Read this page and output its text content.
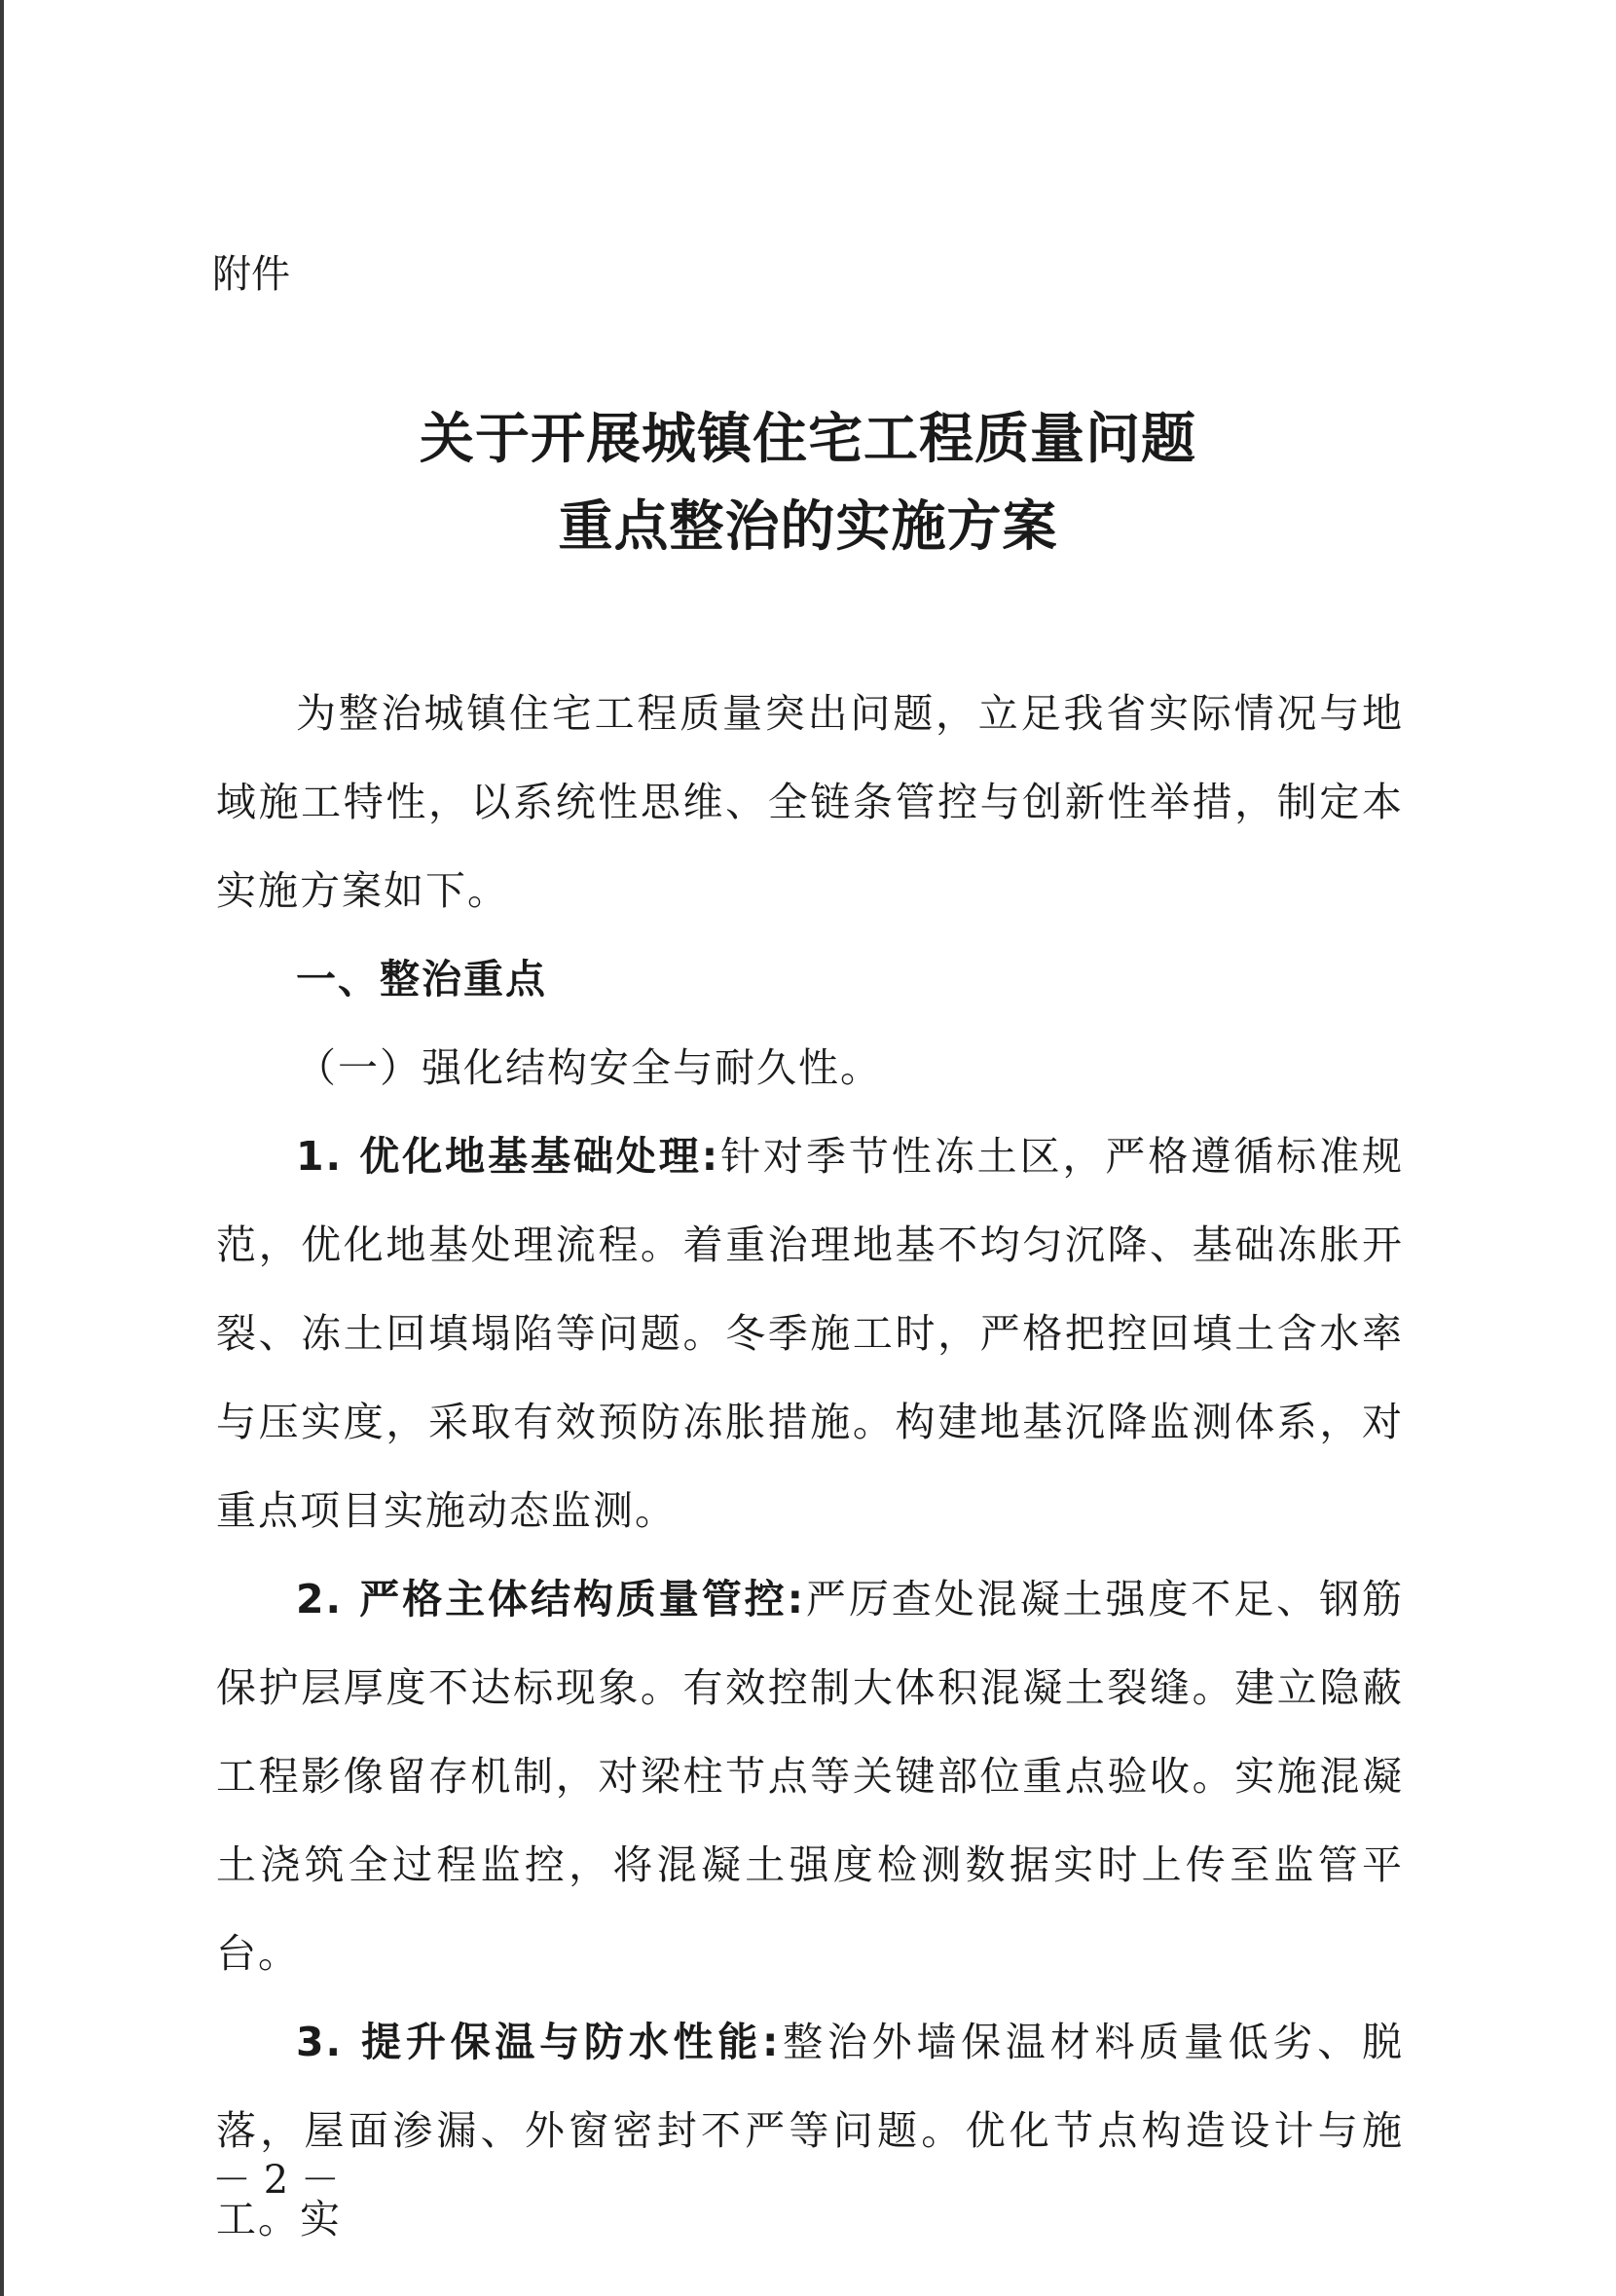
附件
关于开展城镇住宅工程质量问题
重点整治的实施方案

为整治城镇住宅工程质量突出问题，立足我省实际情况与地域施工特性，以系统性思维、全链条管控与创新性举措，制定本实施方案如下。

一、整治重点

（一）强化结构安全与耐久性。

1. 优化地基基础处理:针对季节性冻土区，严格遵循标准规范，优化地基处理流程。着重治理地基不均匀沉降、基础冻胀开裂、冻土回填塌陷等问题。冬季施工时，严格把控回填土含水率与压实度，采取有效预防冻胀措施。构建地基沉降监测体系，对重点项目实施动态监测。

2. 严格主体结构质量管控:严厉查处混凝土强度不足、钢筋保护层厚度不达标现象。有效控制大体积混凝土裂缝。建立隐蔽工程影像留存机制，对梁柱节点等关键部位重点验收。实施混凝土浇筑全过程监控，将混凝土强度检测数据实时上传至监管平台。

3. 提升保温与防水性能:整治外墙保温材料质量低劣、脱落，屋面渗漏、外窗密封不严等问题。优化节点构造设计与施工。实

－ 2 －
